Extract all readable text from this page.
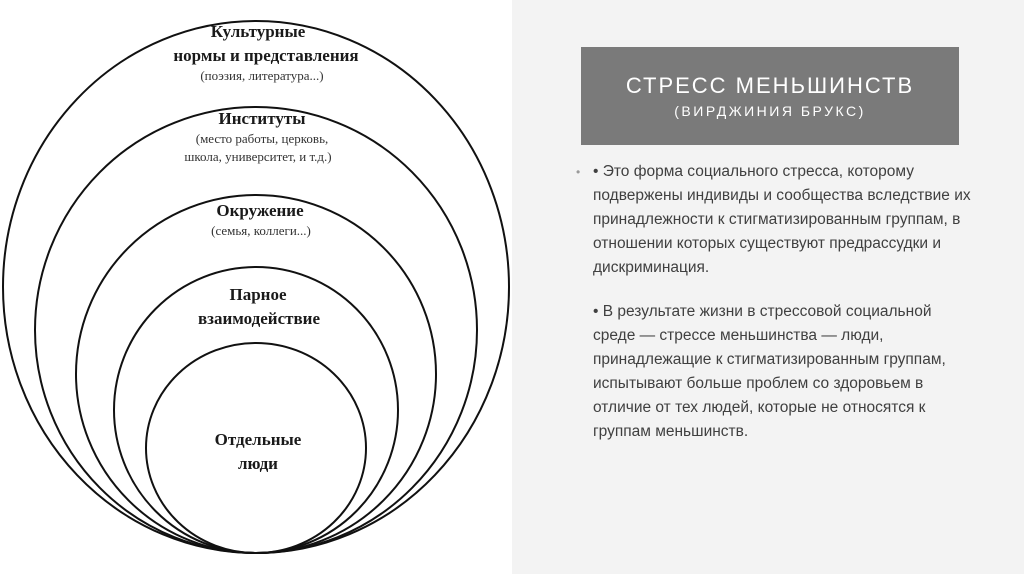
Культурные
нормы и представления
(поэзия, литература...)
Институты
(место работы, церковь,
школа, университет, и т.д.)
Окружение
(семья, коллеги...)
Парное
взаимодействие
Отдельные
люди
СТРЕСС МЕНЬШИНСТВ
(ВИРДЖИНИЯ БРУКС)
• • Это форма социального стресса, которому подвержены индивиды и сообщества вследствие их принадлежности к стигматизированным группам, в отношении которых существуют предрассудки и дискриминация.
• В результате жизни в стрессовой социальной среде — стрессе меньшинства — люди, принадлежащие к стигматизированным группам, испытывают больше проблем со здоровьем в отличие от тех людей, которые не относятся к группам меньшинств.
